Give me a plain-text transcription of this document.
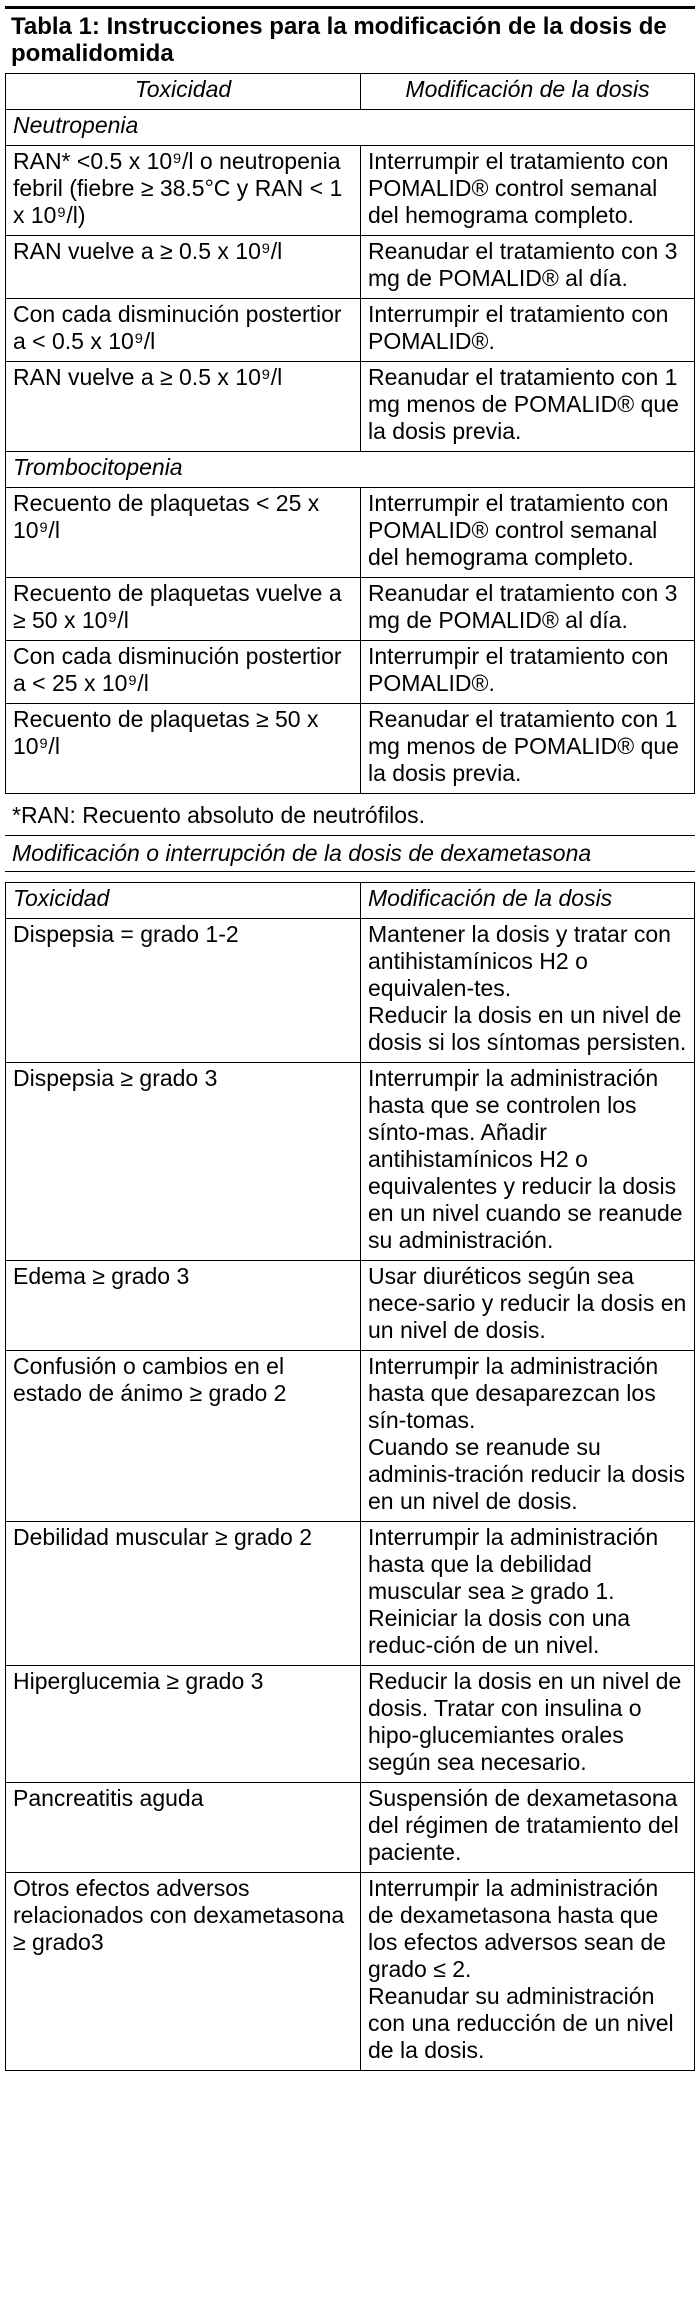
Tabla 1: Instrucciones para la modificación de la dosis de pomalidomida
Toxicidad	Modificación de la dosis
Neutropenia	
RAN* <0.5 x 10⁹/l o neutropenia febril (fiebre ≥ 38.5°C y RAN < 1 x 10⁹/l)	Interrumpir el tratamiento con POMALID® control semanal del hemograma completo.
RAN vuelve a ≥ 0.5 x 10⁹/l	Reanudar el tratamiento con 3 mg de POMALID® al día.
Con cada disminución postertior a < 0.5 x 10⁹/l	Interrumpir el tratamiento con POMALID®.
RAN vuelve a ≥ 0.5 x 10⁹/l	Reanudar el tratamiento con 1 mg menos de POMALID® que la dosis previa.
Trombocitopenia	
Recuento de plaquetas < 25 x 10⁹/l	Interrumpir el tratamiento con POMALID® control semanal del hemograma completo.
Recuento de plaquetas vuelve a ≥ 50 x 10⁹/l	Reanudar el tratamiento con 3 mg de POMALID® al día.
Con cada disminución postertior a < 25 x 10⁹/l	Interrumpir el tratamiento con POMALID®.
Recuento de plaquetas ≥ 50 x 10⁹/l	Reanudar el tratamiento con 1 mg menos de POMALID® que la dosis previa.
*RAN: Recuento absoluto de neutrófilos.
Modificación o interrupción de la dosis de dexametasona
Toxicidad	Modificación de la dosis
Dispepsia = grado 1-2	Mantener la dosis y tratar con antihistamínicos H2 o equivalen-tes.
Reducir la dosis en un nivel de dosis si los síntomas persisten.

Dispepsia ≥ grado 3	Interrumpir la administración hasta que se controlen los sínto-mas. Añadir antihistamínicos H2 o equivalentes y reducir la dosis en un nivel cuando se reanude su administración.

Edema ≥ grado 3	Usar diuréticos según sea nece-sario y reducir la dosis en un nivel de dosis.

Confusión o cambios en el estado de ánimo ≥ grado 2	Interrumpir la administración hasta que desaparezcan los sín-tomas.
Cuando se reanude su adminis-tración reducir la dosis en un nivel de dosis.

Debilidad muscular ≥ grado 2	Interrumpir la administración hasta que la debilidad muscular sea ≥ grado 1.
Reiniciar la dosis con una reduc-ción de un nivel.

Hiperglucemia ≥ grado 3	Reducir la dosis en un nivel de dosis. Tratar con insulina o hipo-glucemiantes orales según sea necesario.

Pancreatitis aguda	Suspensión de dexametasona del régimen de tratamiento del paciente.

Otros efectos adversos relacionados con dexametasona ≥ grado3	Interrumpir la administración de dexametasona hasta que los efectos adversos sean de grado ≤ 2.
Reanudar su administración con una reducción de un nivel de la dosis.
